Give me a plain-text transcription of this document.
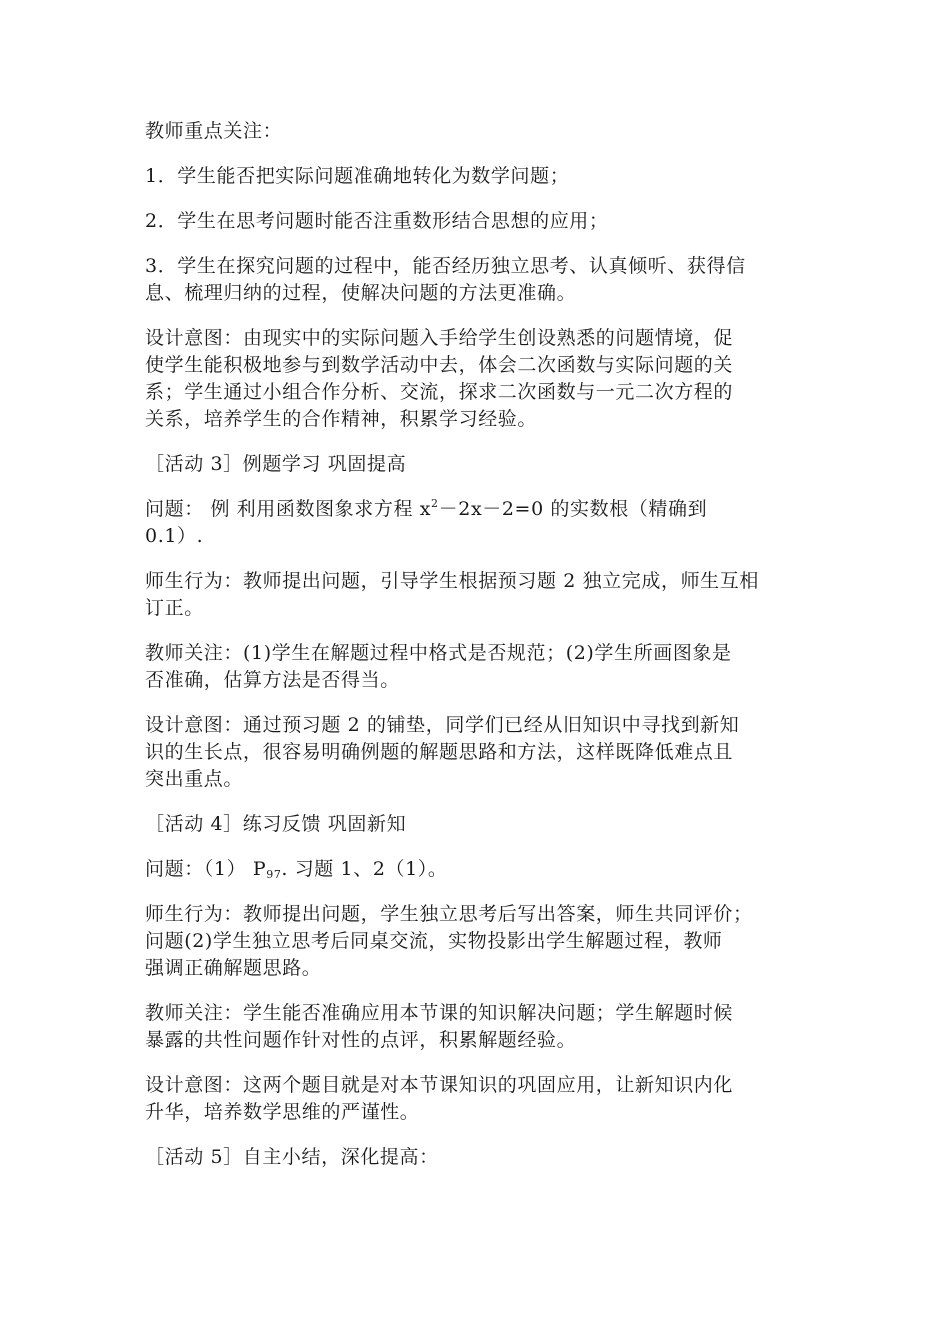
教师重点关注：

1．学生能否把实际问题准确地转化为数学问题；

2．学生在思考问题时能否注重数形结合思想的应用；

3．学生在探究问题的过程中，能否经历独立思考、认真倾听、获得信
息、梳理归纳的过程，使解决问题的方法更准确。

设计意图：由现实中的实际问题入手给学生创设熟悉的问题情境，促
使学生能积极地参与到数学活动中去，体会二次函数与实际问题的关
系；学生通过小组合作分析、交流，探求二次函数与一元二次方程的
关系，培养学生的合作精神，积累学习经验。

［活动 3］例题学习 巩固提高

问题： 例 利用函数图象求方程 $x^2-2x-2=0$ 的实数根（精确到
0.1）.

师生行为：教师提出问题，引导学生根据预习题 2 独立完成，师生互相
订正。

教师关注：(1)学生在解题过程中格式是否规范；(2)学生所画图象是
否准确，估算方法是否得当。

设计意图：通过预习题 2 的铺垫，同学们已经从旧知识中寻找到新知
识的生长点，很容易明确例题的解题思路和方法，这样既降低难点且
突出重点。

［活动 4］练习反馈 巩固新知

问题：（1） $P_{97}$. 习题 1、2（1）。

师生行为：教师提出问题，学生独立思考后写出答案，师生共同评价；
问题(2)学生独立思考后同桌交流，实物投影出学生解题过程，教师
强调正确解题思路。

教师关注：学生能否准确应用本节课的知识解决问题；学生解题时候
暴露的共性问题作针对性的点评，积累解题经验。

设计意图：这两个题目就是对本节课知识的巩固应用，让新知识内化
升华，培养数学思维的严谨性。

［活动 5］自主小结，深化提高：
